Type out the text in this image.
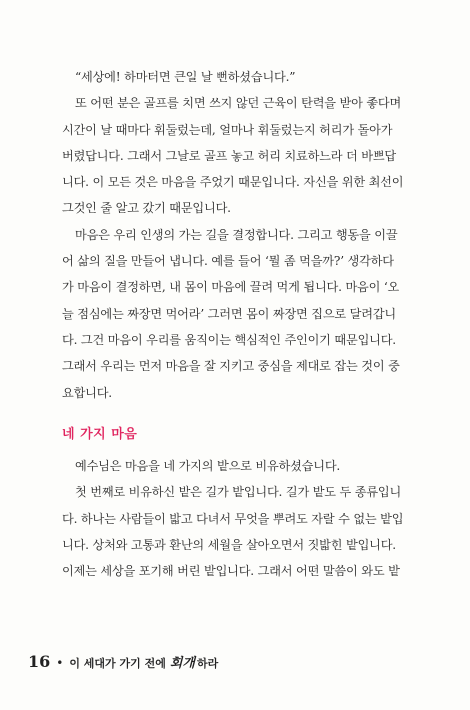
“세상에! 하마터면 큰일 날 뻔하셨습니다.”
또 어떤 분은 골프를 치면 쓰지 않던 근육이 탄력을 받아 좋다며
시간이 날 때마다 휘둘렀는데, 얼마나 휘둘렀는지 허리가 돌아가
버렸답니다. 그래서 그날로 골프 놓고 허리 치료하느라 더 바쁘답
니다. 이 모든 것은 마음을 주었기 때문입니다. 자신을 위한 최선이
그것인 줄 알고 갔기 때문입니다.
마음은 우리 인생의 가는 길을 결정합니다. 그리고 행동을 이끌
어 삶의 질을 만들어 냅니다. 예를 들어 ‘뭘 좀 먹을까?’ 생각하다
가 마음이 결정하면, 내 몸이 마음에 끌려 먹게 됩니다. 마음이 ‘오
늘 점심에는 짜장면 먹어라’ 그러면 몸이 짜장면 집으로 달려갑니
다. 그건 마음이 우리를 움직이는 핵심적인 주인이기 때문입니다.
그래서 우리는 먼저 마음을 잘 지키고 중심을 제대로 잡는 것이 중
요합니다.
네 가지 마음
예수님은 마음을 네 가지의 밭으로 비유하셨습니다.
첫 번째로 비유하신 밭은 길가 밭입니다. 길가 밭도 두 종류입니
다. 하나는 사람들이 밟고 다녀서 무엇을 뿌려도 자랄 수 없는 밭입
니다. 상처와 고통과 환난의 세월을 살아오면서 짓밟힌 밭입니다.
이제는 세상을 포기해 버린 밭입니다. 그래서 어떤 말씀이 와도 밭
16 • 이 세대가 가기 전에 회개 하라
